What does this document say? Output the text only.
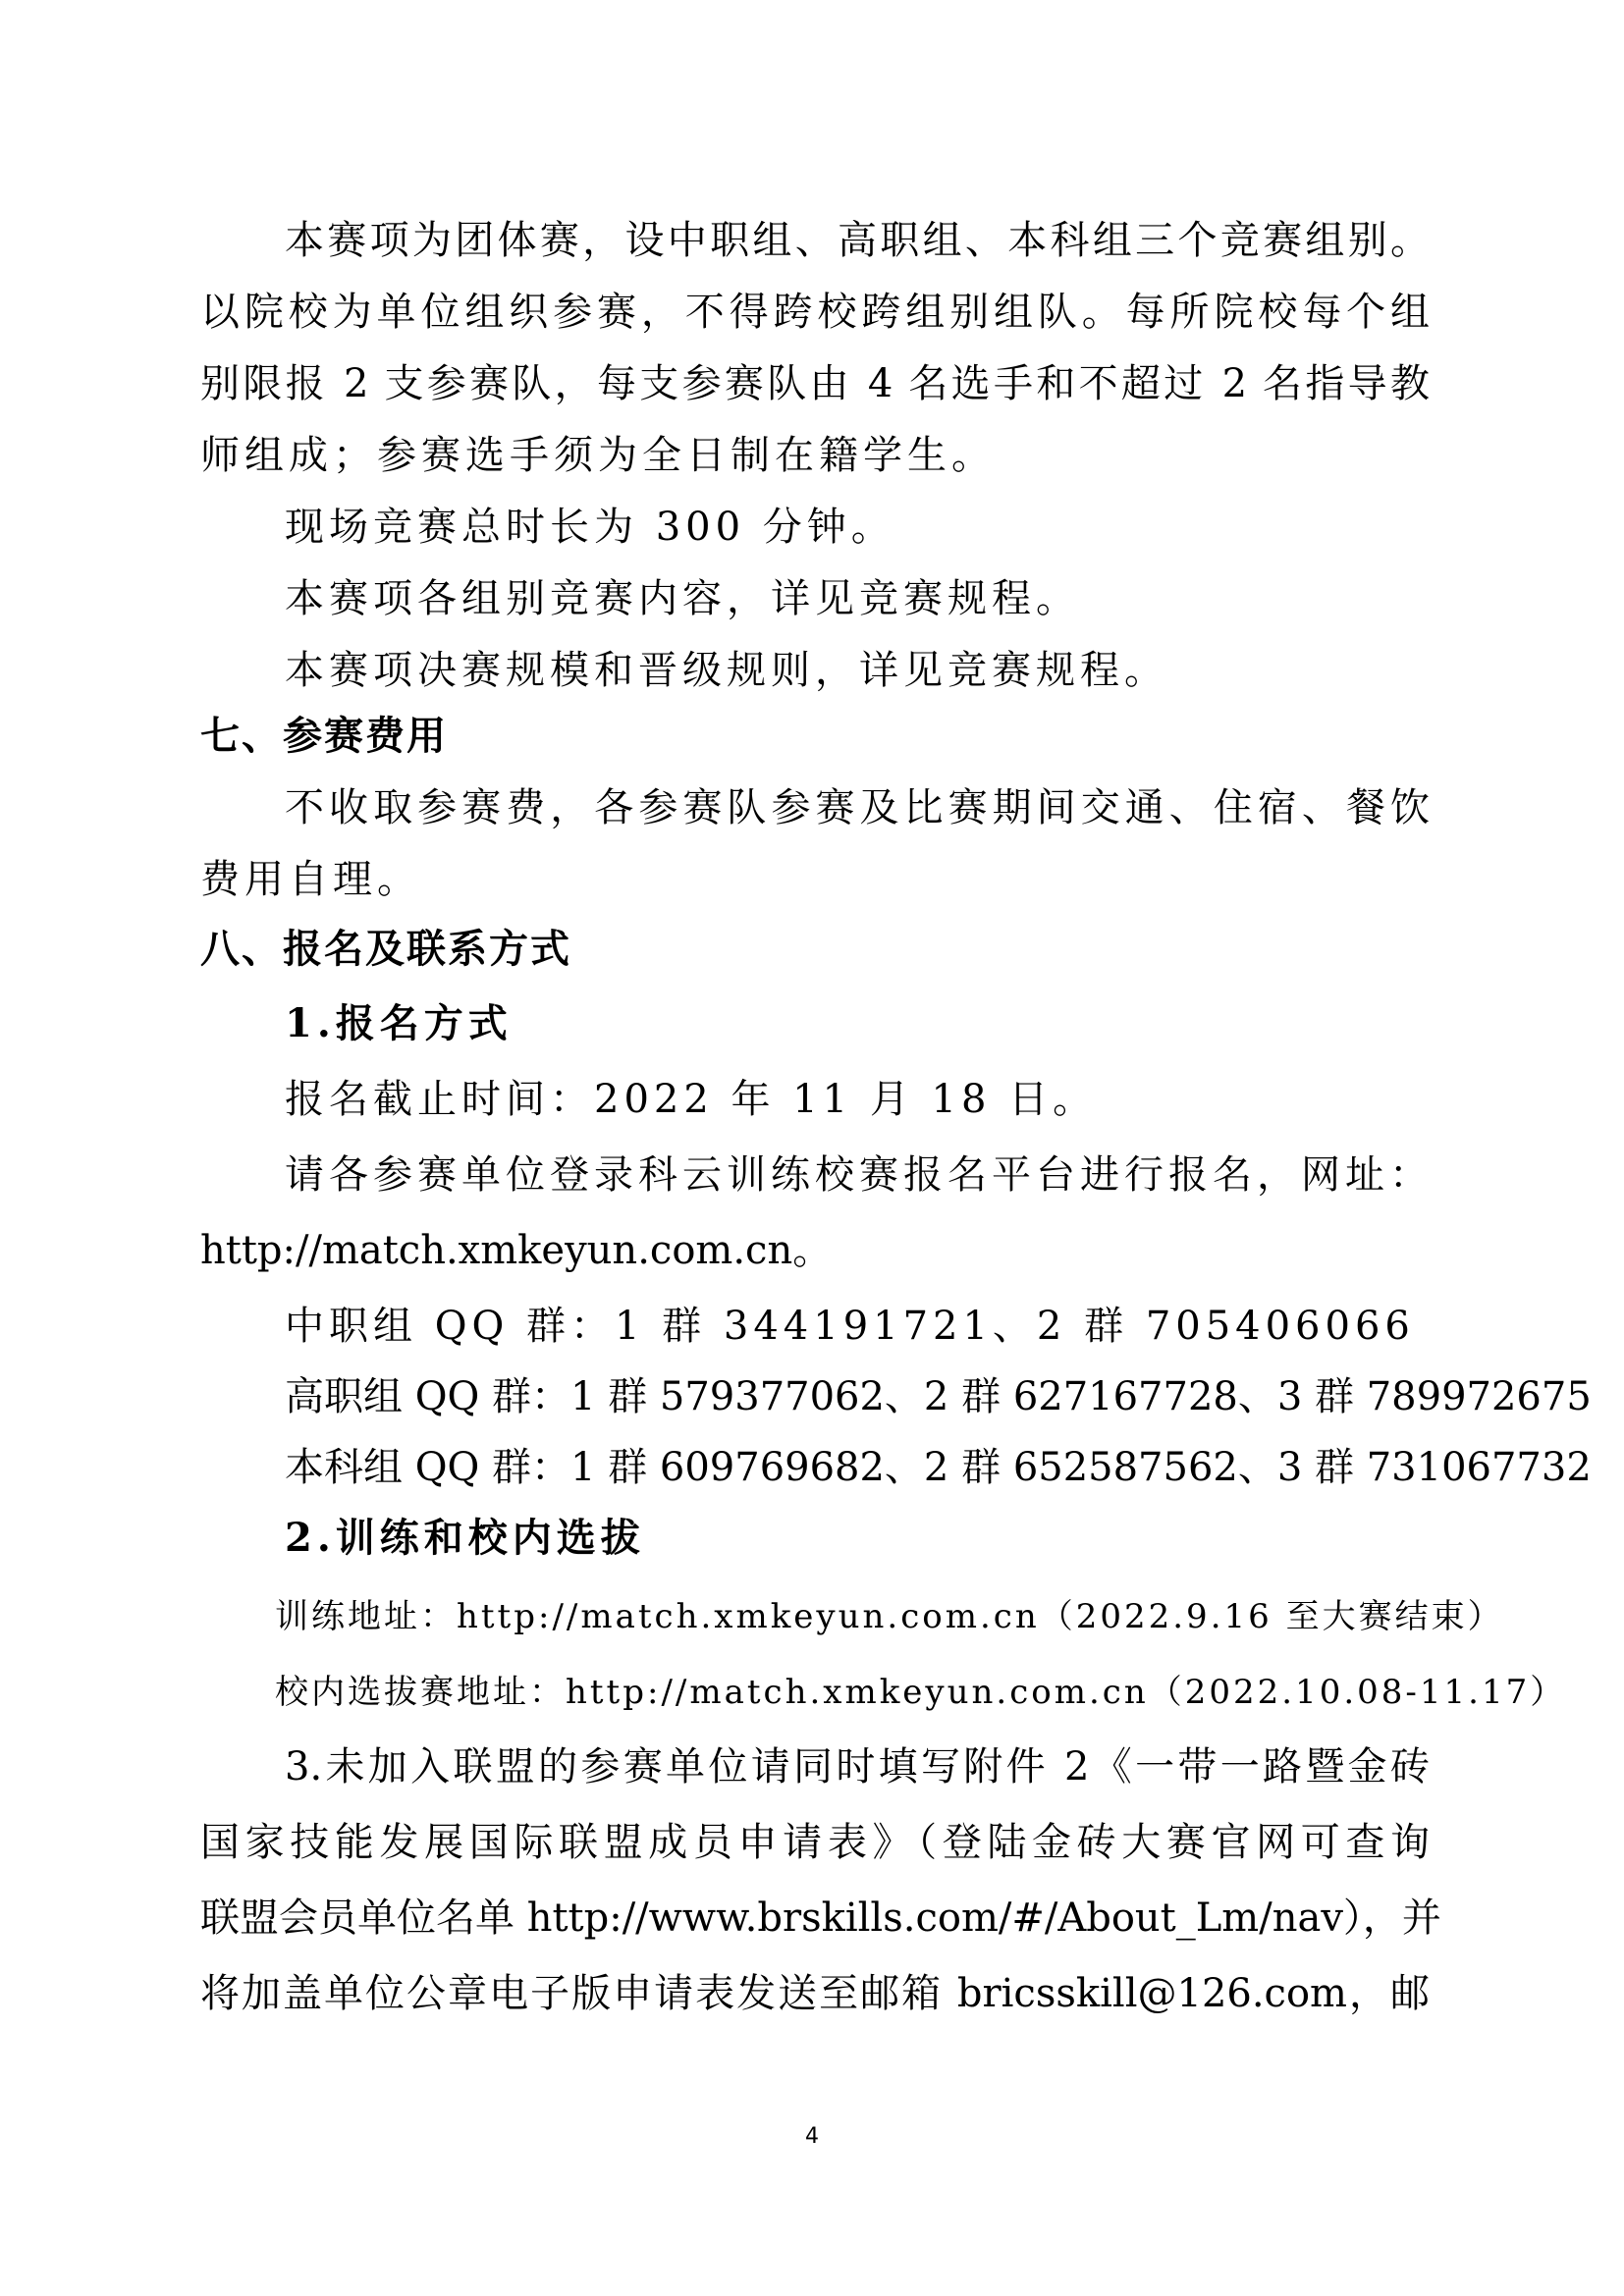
本赛项为团体赛，设中职组、高职组、本科组三个竞赛组别。
以院校为单位组织参赛，不得跨校跨组别组队。每所院校每个组
别限报 2 支参赛队，每支参赛队由 4 名选手和不超过 2 名指导教
师组成；参赛选手须为全日制在籍学生。
现场竞赛总时长为 300 分钟。
本赛项各组别竞赛内容，详见竞赛规程。
本赛项决赛规模和晋级规则，详见竞赛规程。
七、参赛费用
不收取参赛费，各参赛队参赛及比赛期间交通、住宿、餐饮
费用自理。
八、报名及联系方式
1.报名方式
报名截止时间：2022 年 11 月 18 日。
请各参赛单位登录科云训练校赛报名平台进行报名，网址：
http://match.xmkeyun.com.cn。
中职组 QQ 群：1 群 344191721、2 群 705406066
高职组 QQ 群：1 群 579377062、2 群 627167728、3 群 789972675
本科组 QQ 群：1 群 609769682、2 群 652587562、3 群 731067732
2.训练和校内选拔
训练地址：http://match.xmkeyun.com.cn（2022.9.16 至大赛结束）
校内选拔赛地址：http://match.xmkeyun.com.cn（2022.10.08-11.17）
3.未加入联盟的参赛单位请同时填写附件 2《一带一路暨金砖
国家技能发展国际联盟成员申请表》（登陆金砖大赛官网可查询
联盟会员单位名单 http://www.brskills.com/#/About_Lm/nav），并
将加盖单位公章电子版申请表发送至邮箱 bricsskill@126.com，邮
4
